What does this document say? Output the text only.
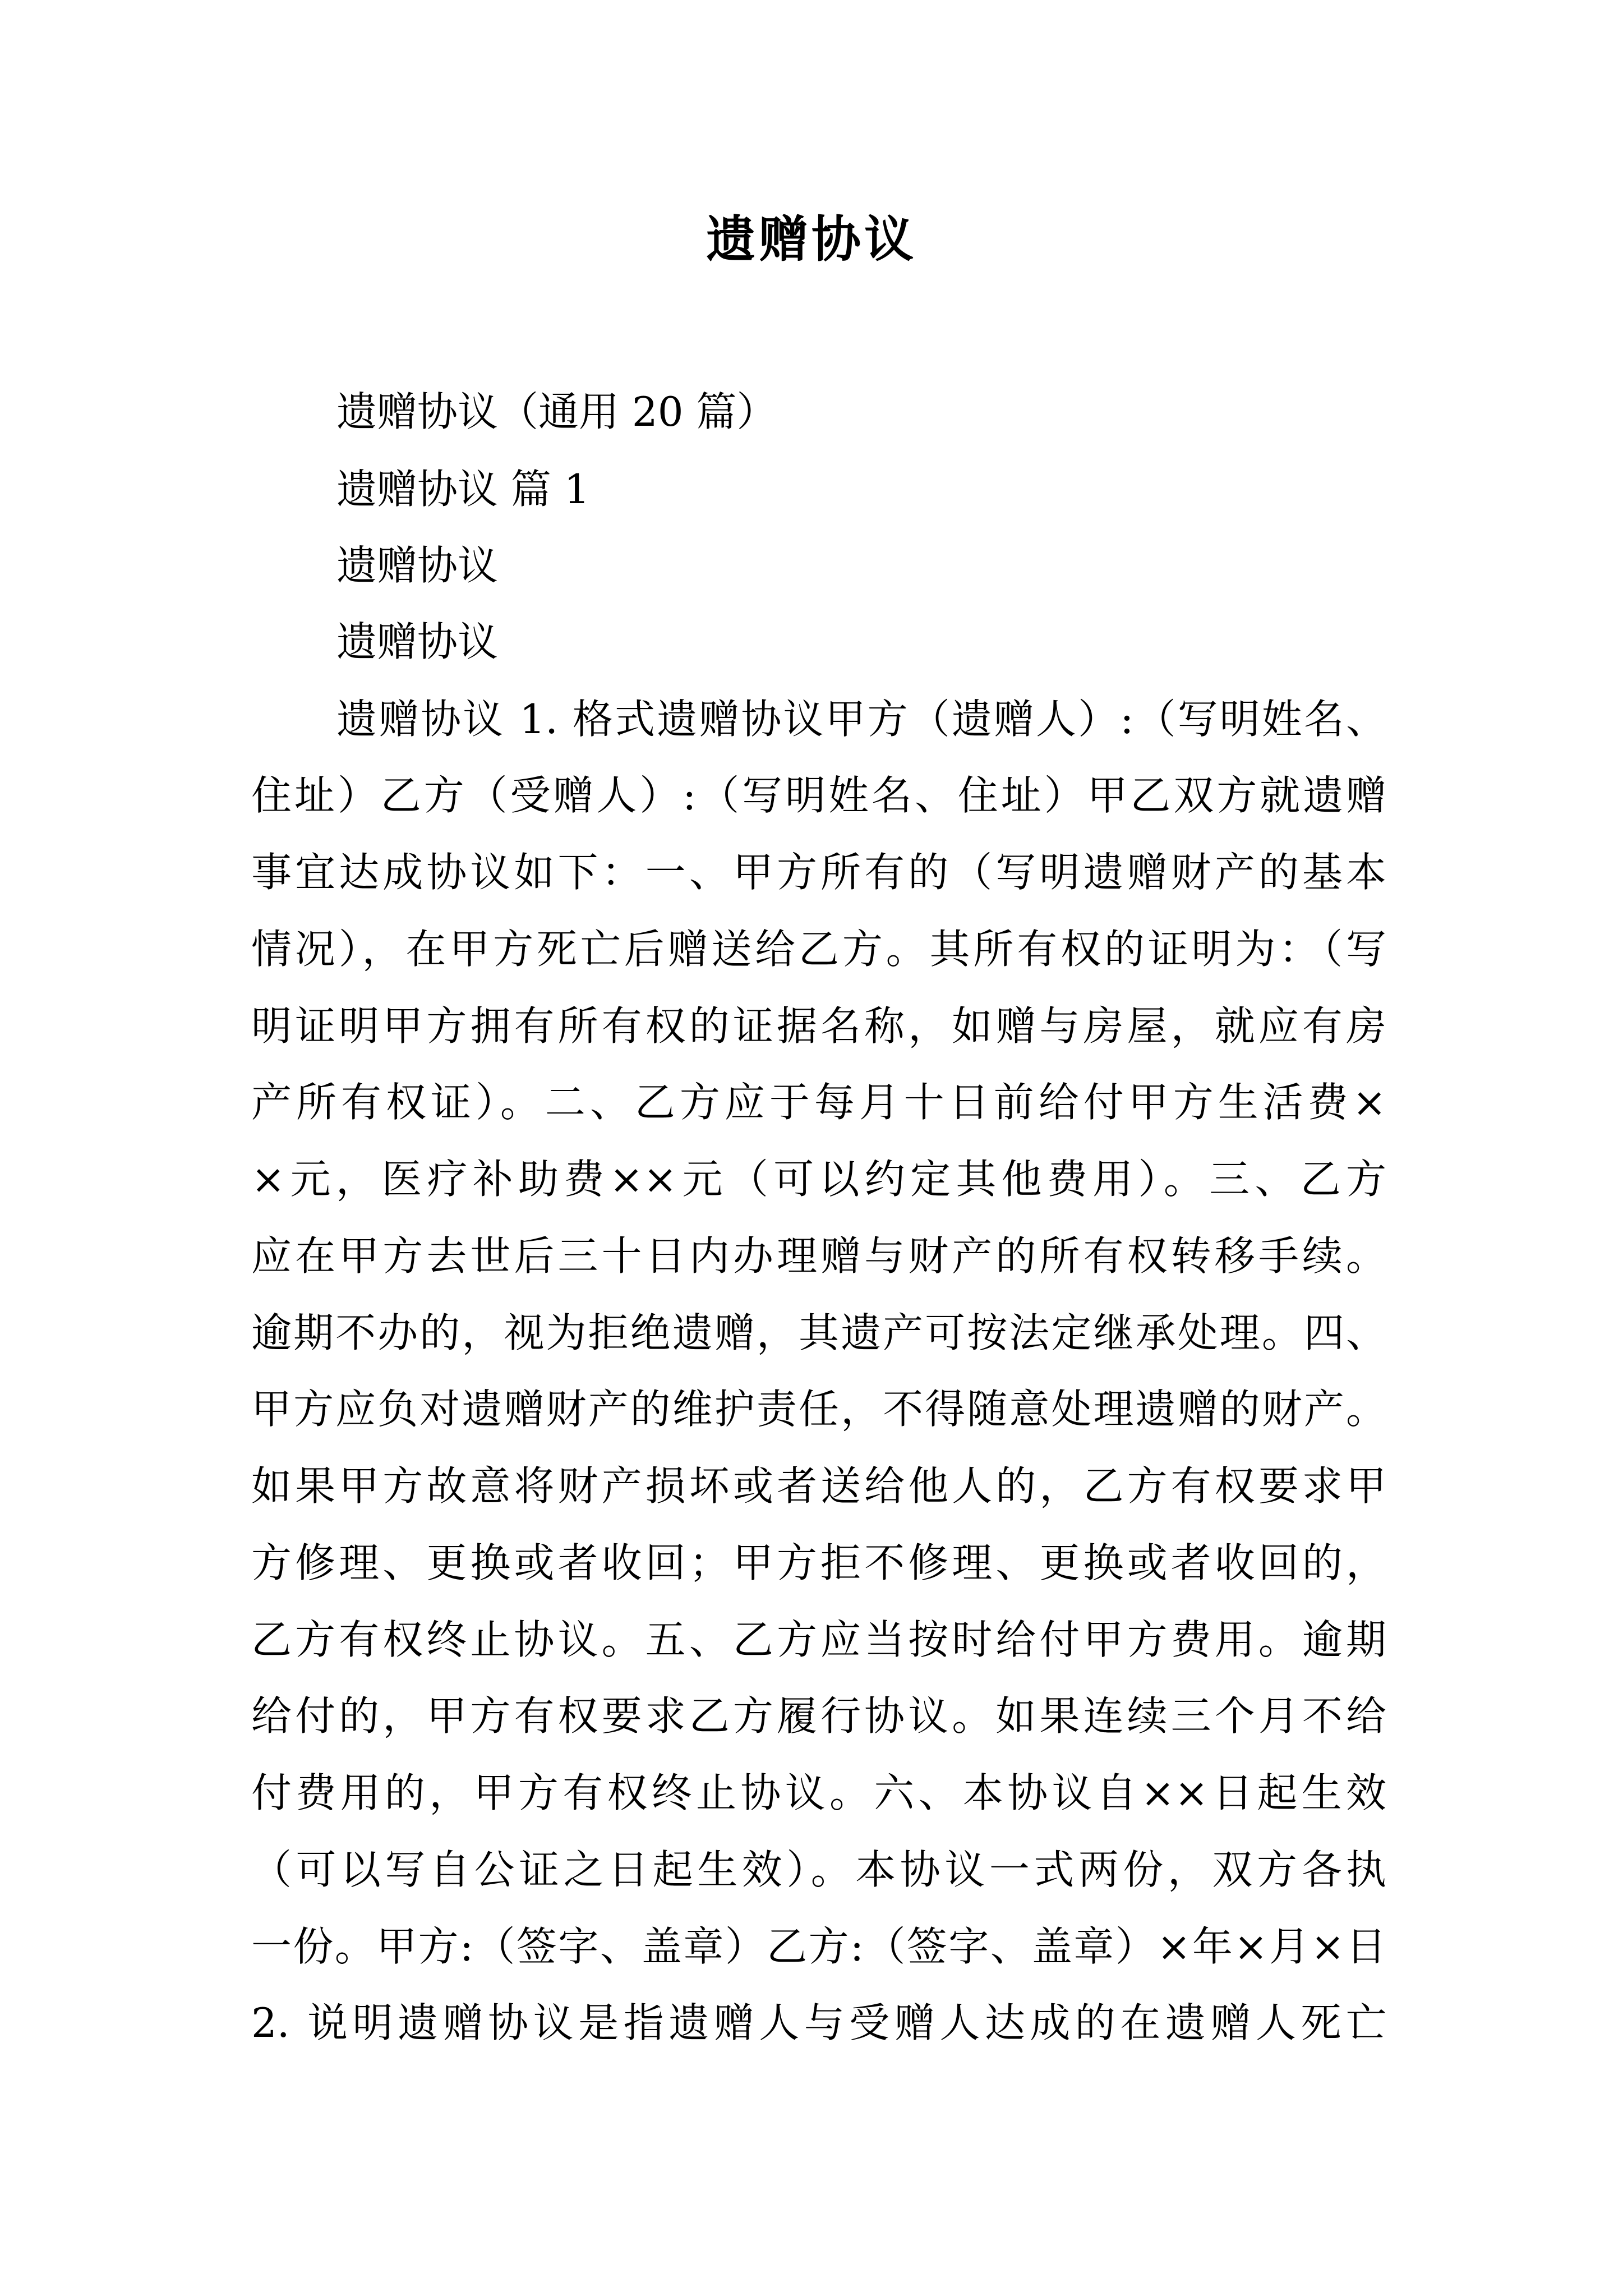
遗赠协议
遗赠协议（通用 20 篇）
遗赠协议 篇 1
遗赠协议
遗赠协议
遗赠协议 1. 格式遗赠协议甲方（遗赠人）:（写明姓名、
住址）乙方（受赠人）:（写明姓名、住址）甲乙双方就遗赠
事宜达成协议如下：一、甲方所有的（写明遗赠财产的基本
情况），在甲方死亡后赠送给乙方。其所有权的证明为：（写
明证明甲方拥有所有权的证据名称，如赠与房屋，就应有房
产所有权证）。二、乙方应于每月十日前给付甲方生活费×
×元，医疗补助费××元（可以约定其他费用）。三、乙方
应在甲方去世后三十日内办理赠与财产的所有权转移手续。
逾期不办的，视为拒绝遗赠，其遗产可按法定继承处理。四、
甲方应负对遗赠财产的维护责任，不得随意处理遗赠的财产。
如果甲方故意将财产损坏或者送给他人的，乙方有权要求甲
方修理、更换或者收回；甲方拒不修理、更换或者收回的，
乙方有权终止协议。五、乙方应当按时给付甲方费用。逾期
给付的，甲方有权要求乙方履行协议。如果连续三个月不给
付费用的，甲方有权终止协议。六、本协议自××日起生效
（可以写自公证之日起生效）。本协议一式两份，双方各执
一份。甲方:（签字、盖章）乙方:（签字、盖章）×年×月×日
2. 说明遗赠协议是指遗赠人与受赠人达成的在遗赠人死亡
